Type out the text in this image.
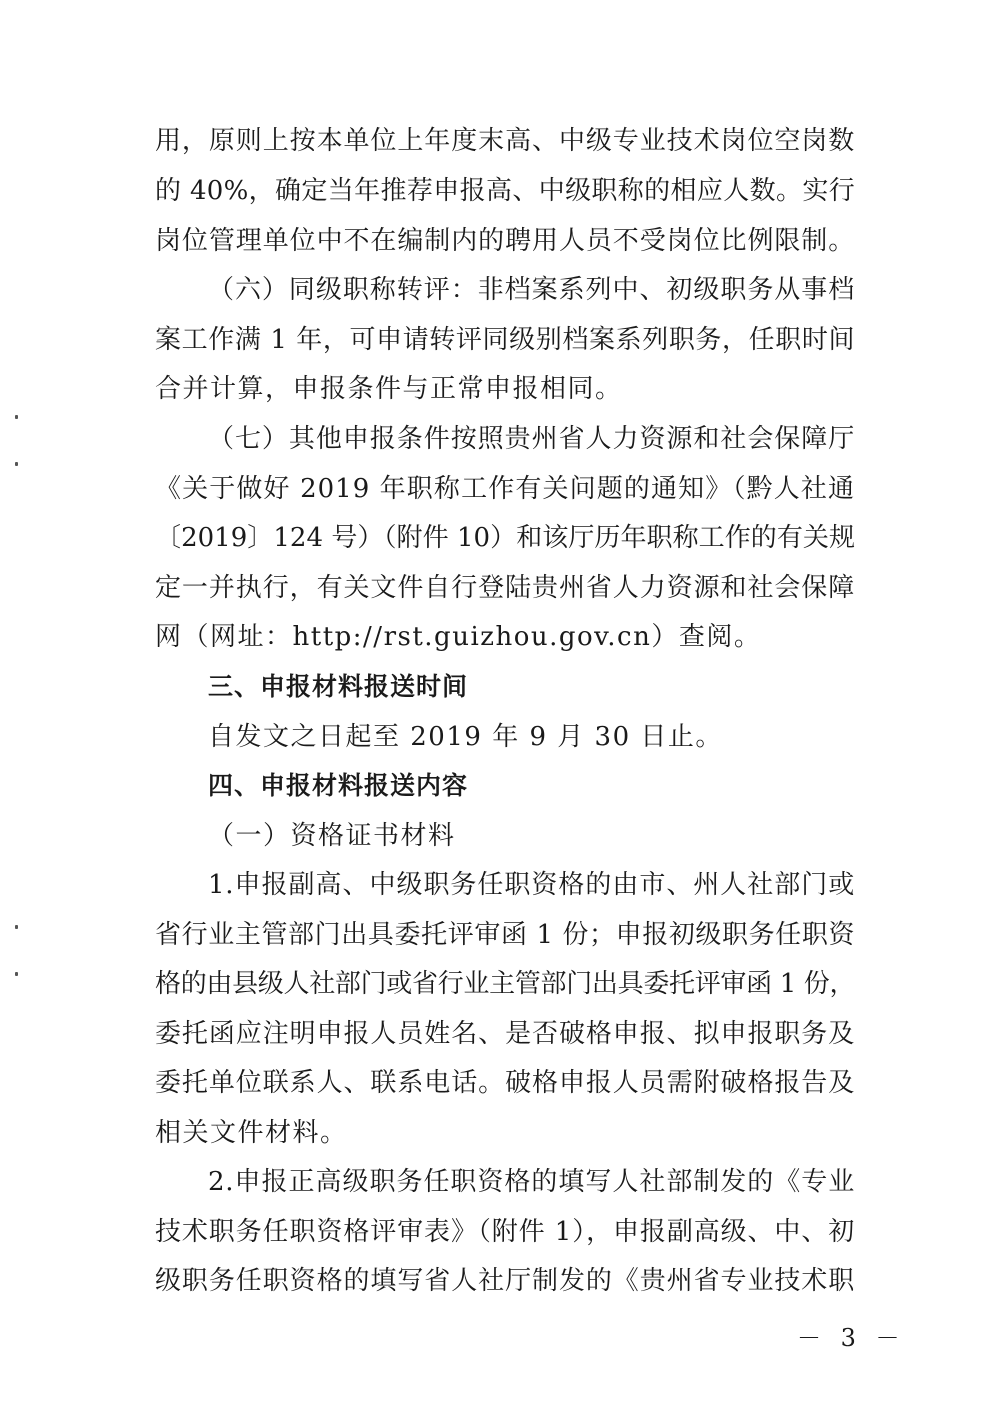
用，原则上按本单位上年度末高、中级专业技术岗位空岗数
的 40%，确定当年推荐申报高、中级职称的相应人数。实行
岗位管理单位中不在编制内的聘用人员不受岗位比例限制。
（六）同级职称转评：非档案系列中、初级职务从事档
案工作满 1 年，可申请转评同级别档案系列职务，任职时间
合并计算，申报条件与正常申报相同。
（七）其他申报条件按照贵州省人力资源和社会保障厅
《关于做好 2019 年职称工作有关问题的通知》（黔人社通
〔2019〕124 号）（附件 10）和该厅历年职称工作的有关规
定一并执行，有关文件自行登陆贵州省人力资源和社会保障
网（网址：http://rst.guizhou.gov.cn）查阅。
三、申报材料报送时间
自发文之日起至 2019 年 9 月 30 日止。
四、申报材料报送内容
（一）资格证书材料
1.申报副高、中级职务任职资格的由市、州人社部门或
省行业主管部门出具委托评审函 1 份；申报初级职务任职资
格的由县级人社部门或省行业主管部门出具委托评审函 1 份，
委托函应注明申报人员姓名、是否破格申报、拟申报职务及
委托单位联系人、联系电话。破格申报人员需附破格报告及
相关文件材料。
2.申报正高级职务任职资格的填写人社部制发的《专业
技术职务任职资格评审表》（附件 1），申报副高级、中、初
级职务任职资格的填写省人社厅制发的《贵州省专业技术职
－ 3 －
